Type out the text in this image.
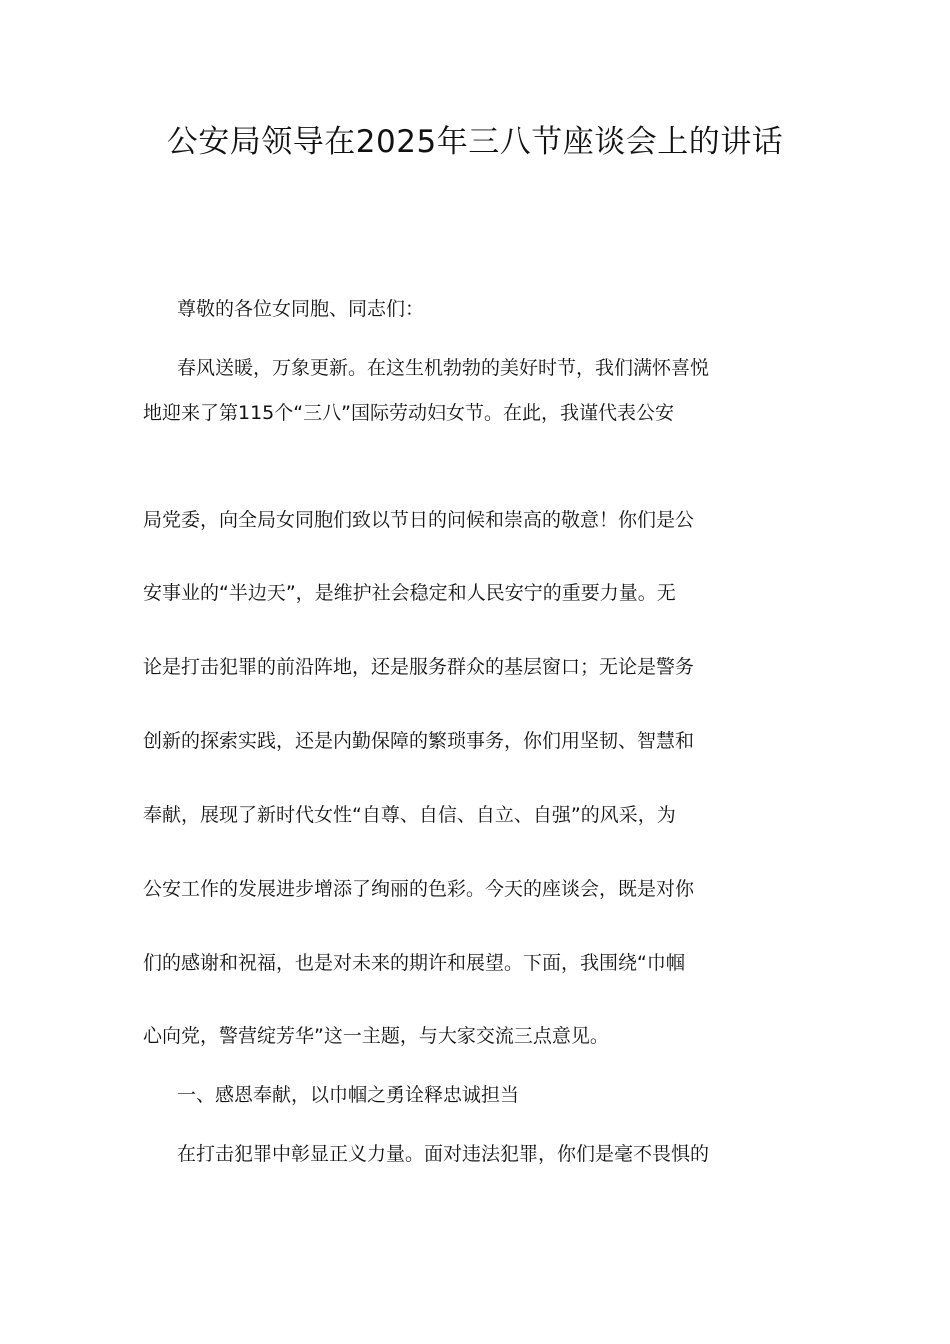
公安局领导在2025年三八节座谈会上的讲话

尊敬的各位女同胞、同志们：

春风送暖，万象更新。在这生机勃勃的美好时节，我们满怀喜悦

地迎来了第115个“三八”国际劳动妇女节。在此，我谨代表公安

局党委，向全局女同胞们致以节日的问候和崇高的敬意！你们是公

安事业的“半边天”，是维护社会稳定和人民安宁的重要力量。无

论是打击犯罪的前沿阵地，还是服务群众的基层窗口；无论是警务

创新的探索实践，还是内勤保障的繁琐事务，你们用坚韧、智慧和

奉献，展现了新时代女性“自尊、自信、自立、自强”的风采，为

公安工作的发展进步增添了绚丽的色彩。今天的座谈会，既是对你

们的感谢和祝福，也是对未来的期许和展望。下面，我围绕“巾帼

心向党，警营绽芳华”这一主题，与大家交流三点意见。

一、感恩奉献，以巾帼之勇诠释忠诚担当

在打击犯罪中彰显正义力量。面对违法犯罪，你们是毫不畏惧的
